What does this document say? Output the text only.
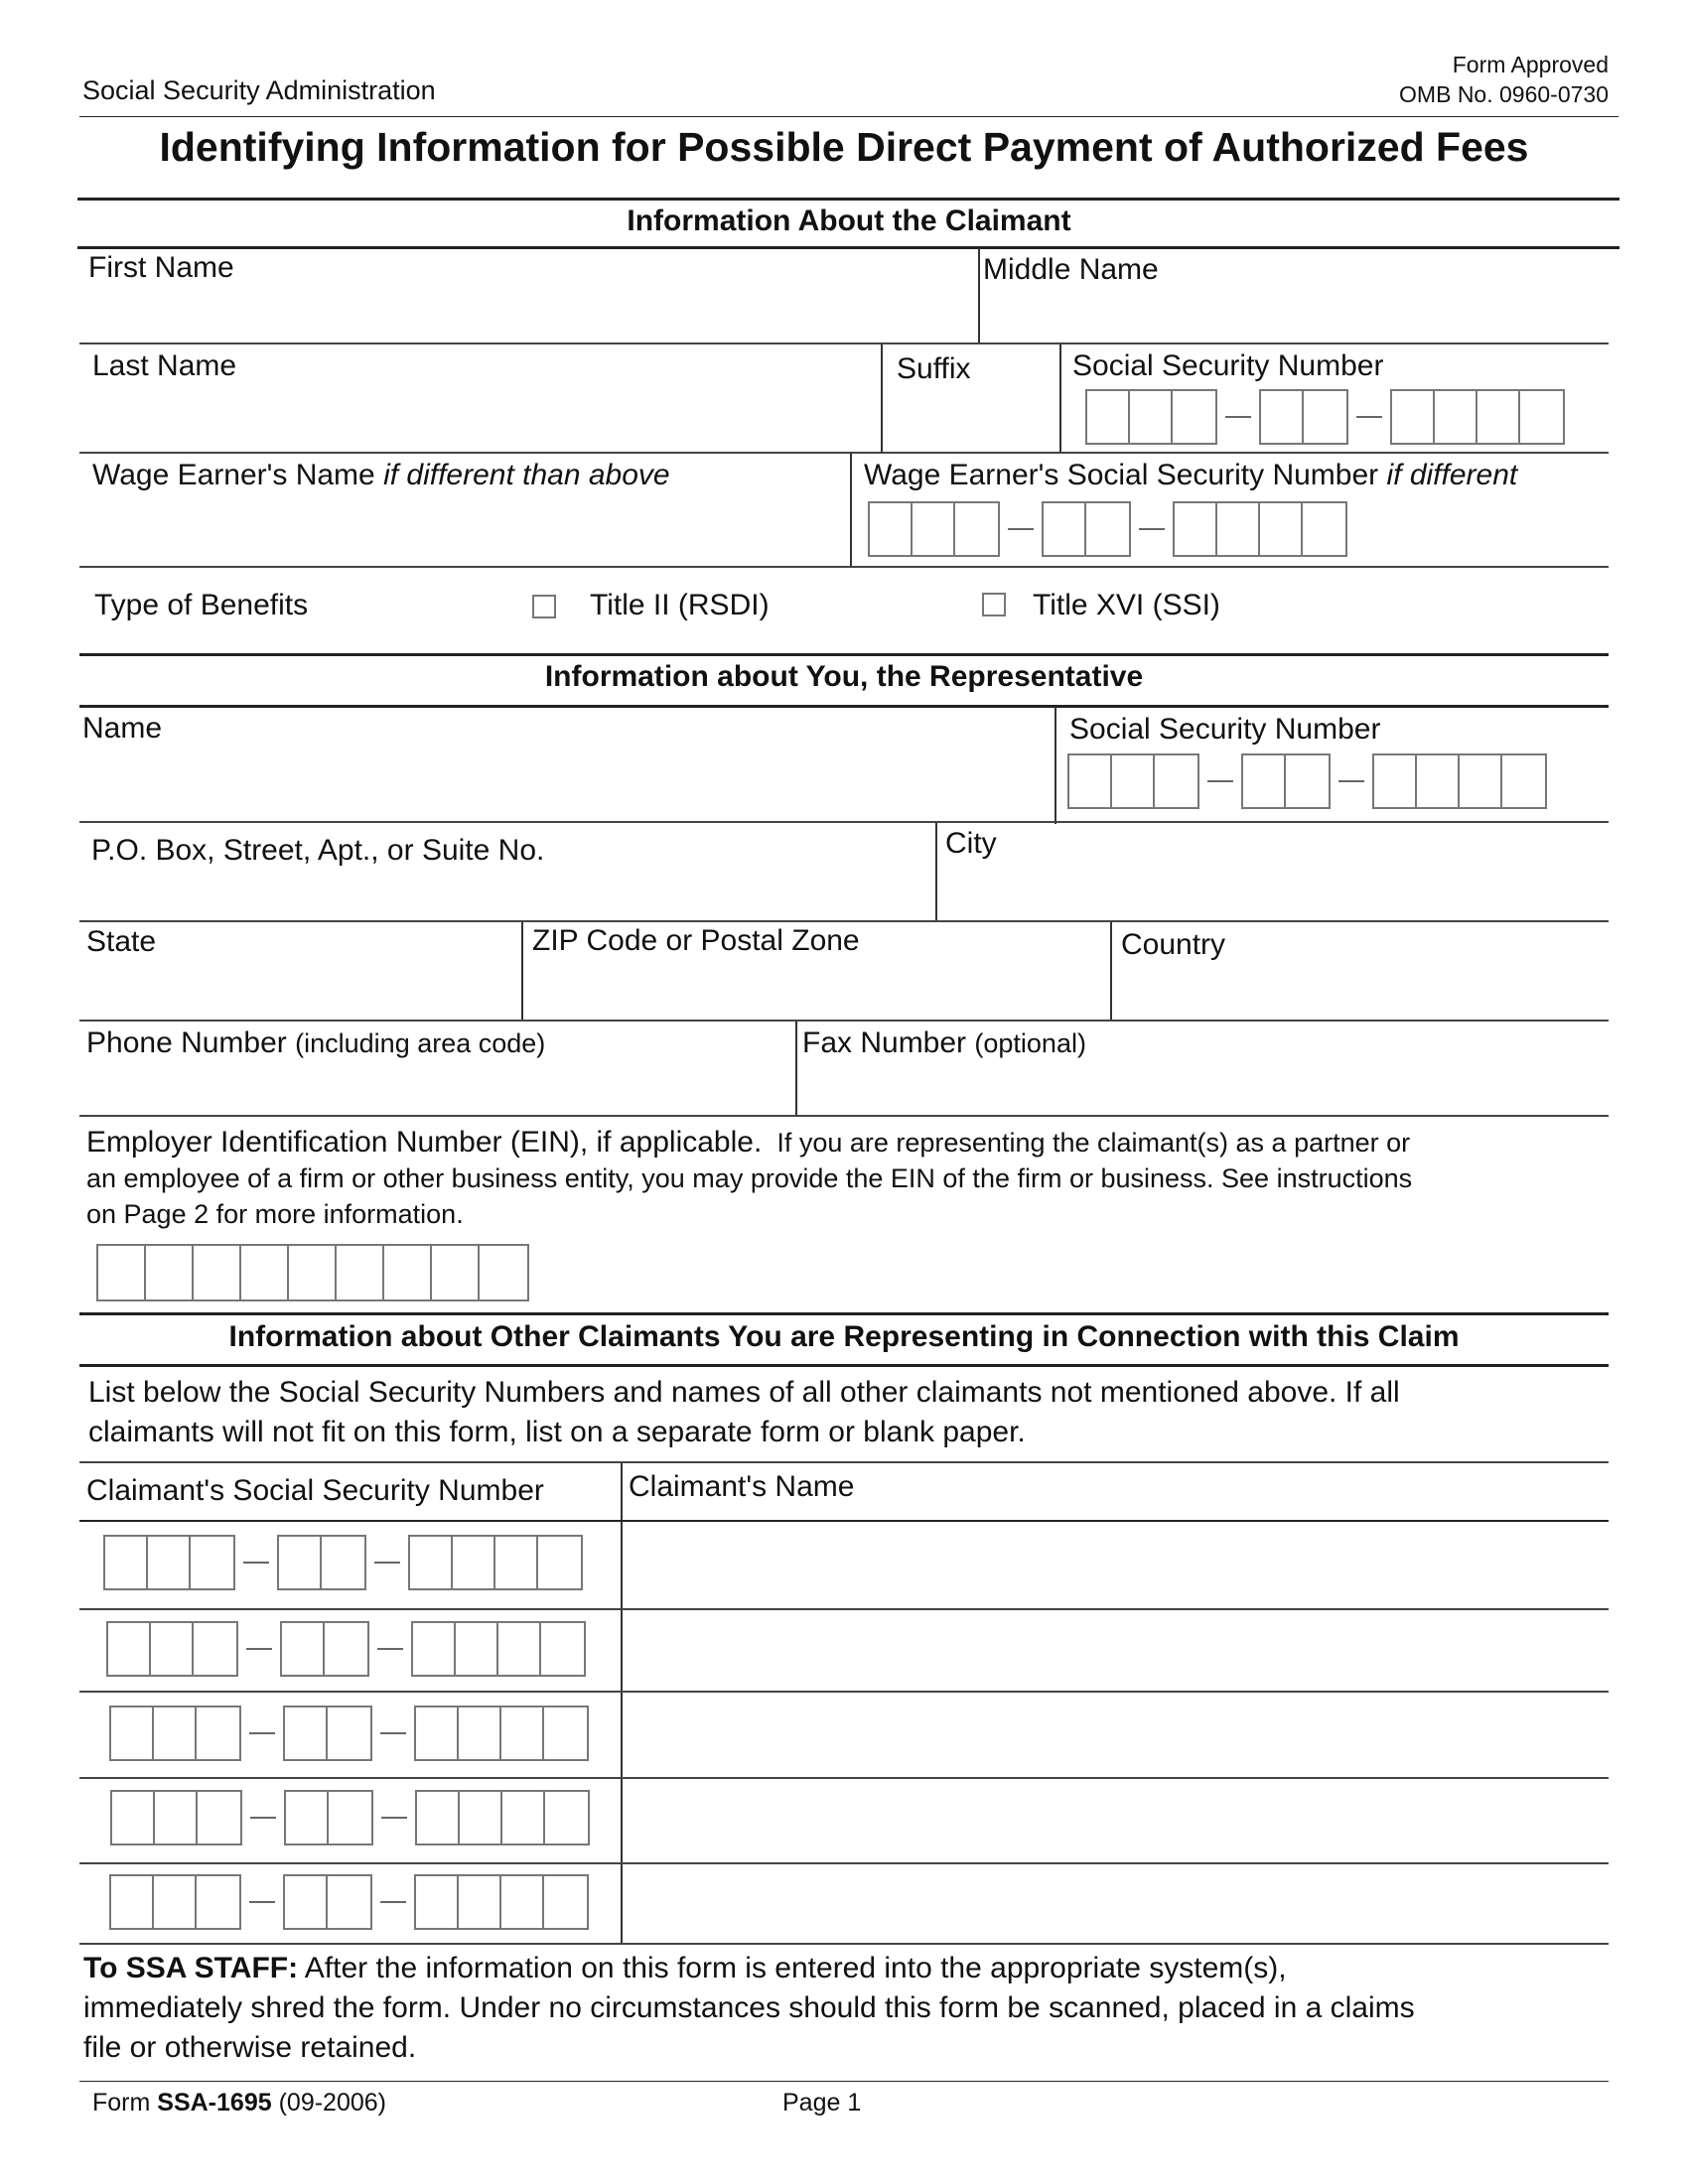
Social Security Administration
Form Approved
OMB No. 0960-0730
Identifying Information for Possible Direct Payment of Authorized Fees
Information About the Claimant
First Name	Middle Name
Last Name	Suffix	Social Security Number
Wage Earner's Name if different than above	Wage Earner's Social Security Number if different
Type of Benefits	Title II (RSDI)	Title XVI (SSI)
Information about You, the Representative
Name	Social Security Number
P.O. Box, Street, Apt., or Suite No.	City
State	ZIP Code or Postal Zone	Country
Phone Number (including area code)	Fax Number (optional)
Employer Identification Number (EIN), if applicable. If you are representing the claimant(s) as a partner or
an employee of a firm or other business entity, you may provide the EIN of the firm or business. See instructions
on Page 2 for more information.
Information about Other Claimants You are Representing in Connection with this Claim
List below the Social Security Numbers and names of all other claimants not mentioned above. If all
claimants will not fit on this form, list on a separate form or blank paper.
Claimant's Social Security Number	Claimant's Name
To SSA STAFF: After the information on this form is entered into the appropriate system(s),
immediately shred the form. Under no circumstances should this form be scanned, placed in a claims
file or otherwise retained.
Form SSA-1695 (09-2006)	Page 1
